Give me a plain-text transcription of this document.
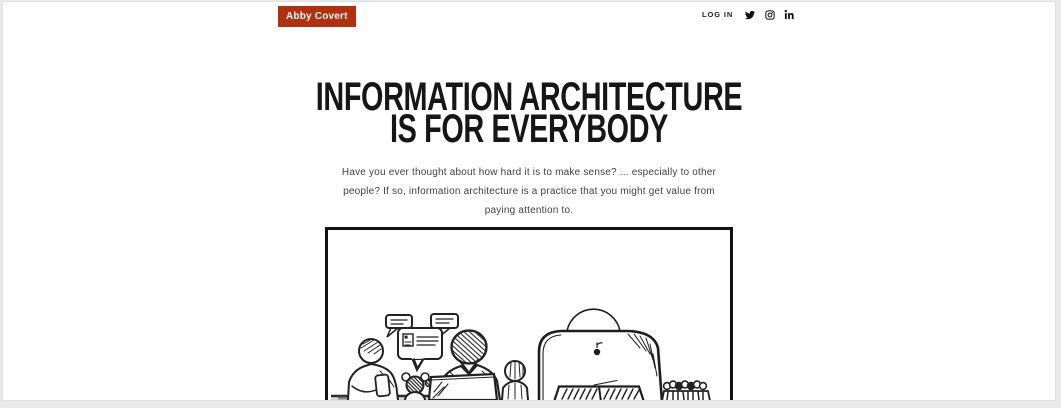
Abby Covert	LOG IN
INFORMATION ARCHITECTURE
IS FOR EVERYBODY

Have you ever thought about how hard it is to make sense? ... especially to other people? If so, information architecture is a practice that you might get value from paying attention to.
